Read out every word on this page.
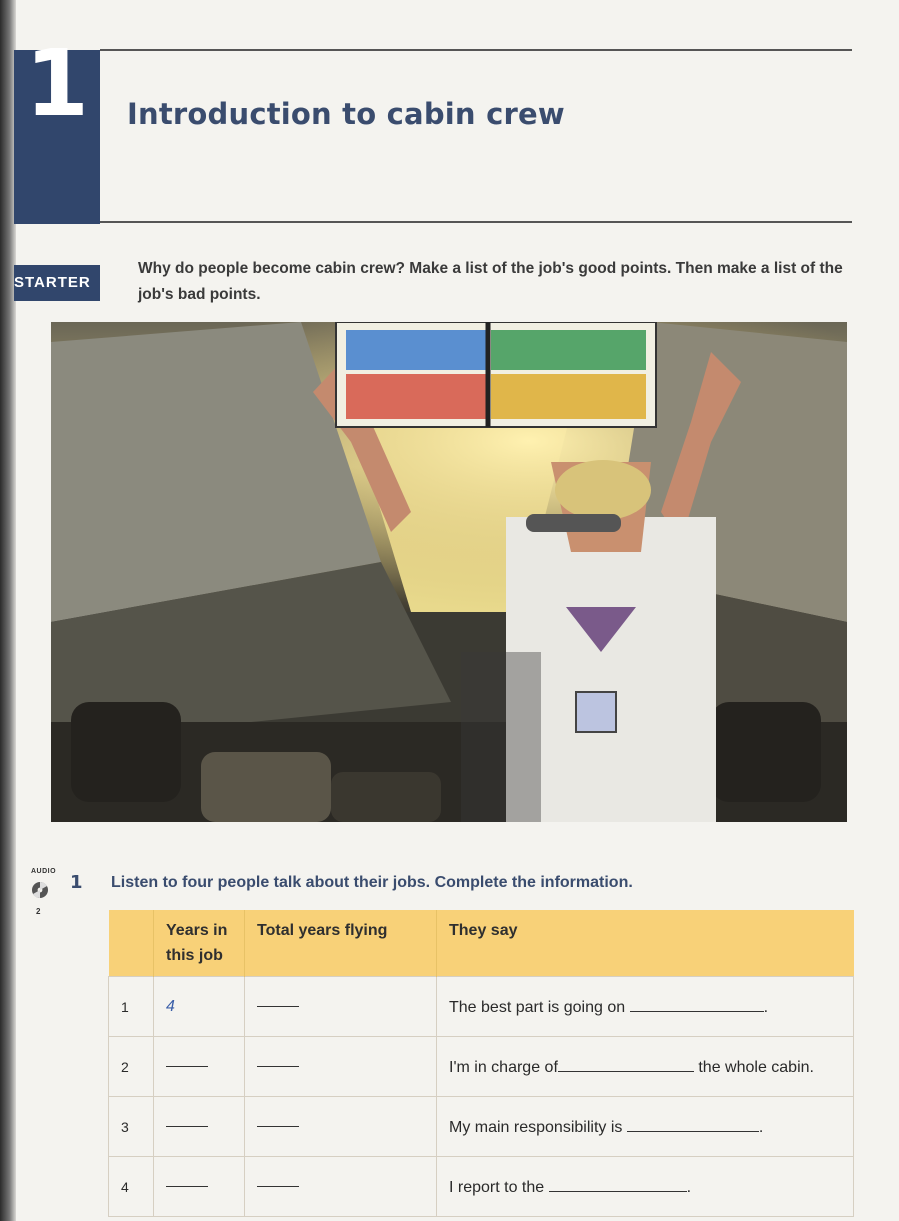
1	Introduction to cabin crew
STARTER
Why do people become cabin crew? Make a list of the job's good points. Then make a list of the job's bad points.
AUDIO
2
1 Listen to four people talk about their jobs. Complete the information.
	Years in this job	Total years flying	They say
1	4		The best part is going on .
2			I'm in charge of the whole cabin.
3			My main responsibility is .
4			I report to the .
